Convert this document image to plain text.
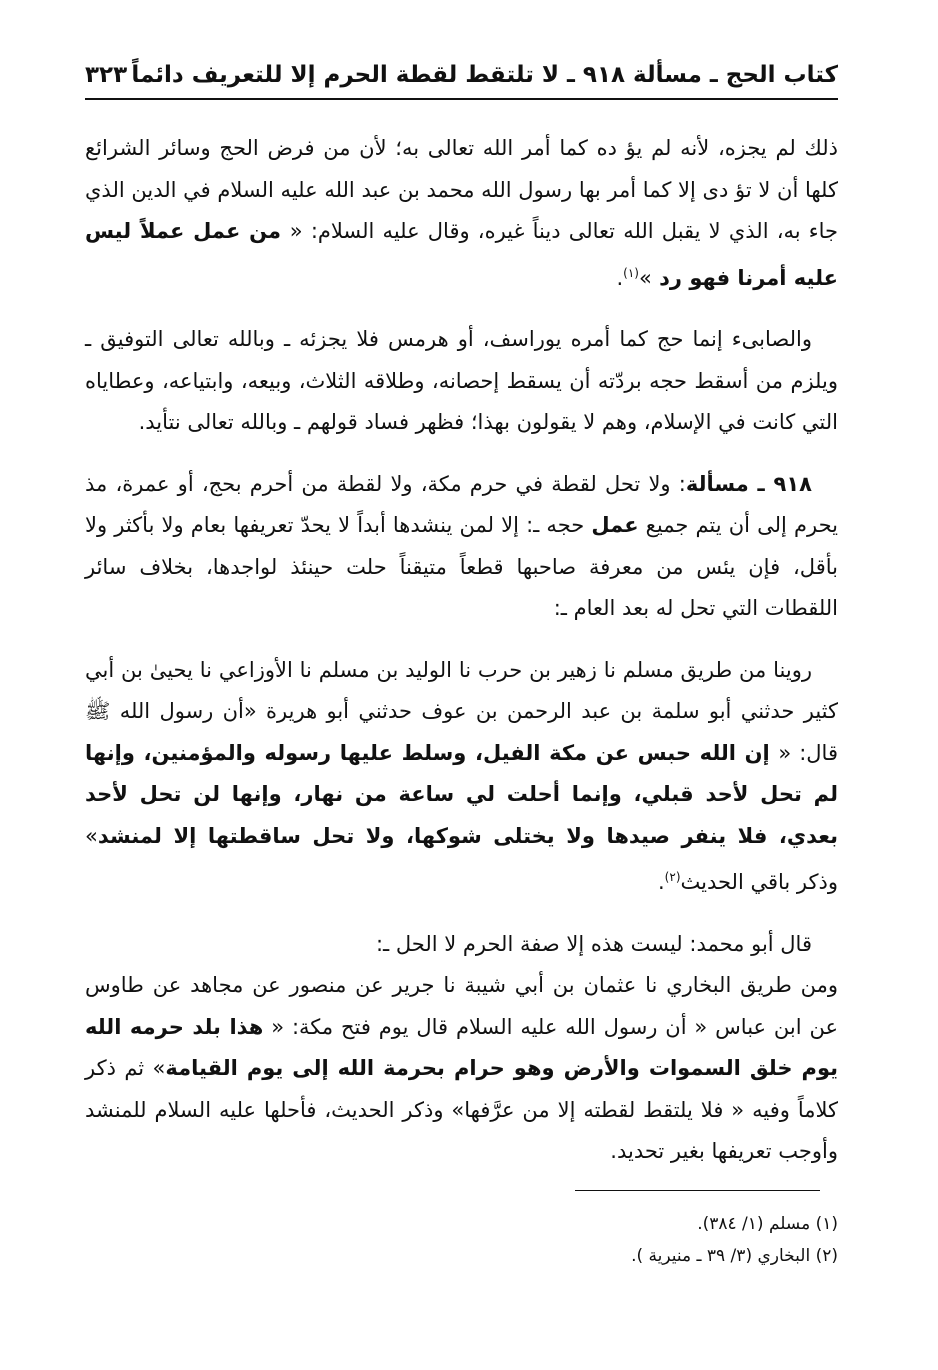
كتاب الحج ـ مسألة ٩١٨ ـ لا تلتقط لقطة الحرم إلا للتعريف دائماً
٣٢٣

ذلك لم يجزه، لأنه لم يؤ ده كما أمر الله تعالى به؛ لأن من فرض الحج وسائر الشرائع كلها أن لا تؤ دى إلا كما أمر بها رسول الله محمد بن عبد الله عليه السلام في الدين الذي جاء به، الذي لا يقبل الله تعالى ديناً غيره، وقال عليه السلام: « من عمل عملاً ليس عليه أمرنا فهو رد »$^{(١)}$.

والصابىء إنما حج كما أمره يوراسف، أو هرمس فلا يجزئه ـ وبالله تعالى التوفيق ـ ويلزم من أسقط حجه بردّته أن يسقط إحصانه، وطلاقه الثلاث، وبيعه، وابتياعه، وعطاياه التي كانت في الإسلام، وهم لا يقولون بهذا؛ فظهر فساد قولهم ـ وبالله تعالى نتأيد.

٩١٨ ـ مسألة: ولا تحل لقطة في حرم مكة، ولا لقطة من أحرم بحج، أو عمرة، مذ يحرم إلى أن يتم جميع عمل حجه ـ: إلا لمن ينشدها أبداً لا يحدّ تعريفها بعام ولا بأكثر ولا بأقل، فإن يئس من معرفة صاحبها قطعاً متيقناً حلت حينئذ لواجدها، بخلاف سائر اللقطات التي تحل له بعد العام ـ:

روينا من طريق مسلم نا زهير بن حرب نا الوليد بن مسلم نا الأوزاعي نا يحيىٰ بن أبي كثير حدثني أبو سلمة بن عبد الرحمن بن عوف حدثني أبو هريرة «أن رسول الله ﷺ قال: « إن الله حبس عن مكة الفيل، وسلط عليها رسوله والمؤمنين، وإنها لم تحل لأحد قبلي، وإنما أحلت لي ساعة من نهار، وإنها لن تحل لأحد بعدي، فلا ينفر صيدها ولا يختلى شوكها، ولا تحل ساقطتها إلا لمنشد» وذكر باقي الحديث$^{(٢)}$.

قال أبو محمد: ليست هذه إلا صفة الحرم لا الحل ـ:

ومن طريق البخاري نا عثمان بن أبي شيبة نا جرير عن منصور عن مجاهد عن طاوس عن ابن عباس « أن رسول الله عليه السلام قال يوم فتح مكة: « هذا بلد حرمه الله يوم خلق السموات والأرض وهو حرام بحرمة الله إلى يوم القيامة» ثم ذكر كلاماً وفيه « فلا يلتقط لقطته إلا من عرَّفها» وذكر الحديث، فأحلها عليه السلام للمنشد وأوجب تعريفها بغير تحديد.

(١) مسلم (١/ ٣٨٤).
(٢) البخاري (٣/ ٣٩ ـ منيرية ).
